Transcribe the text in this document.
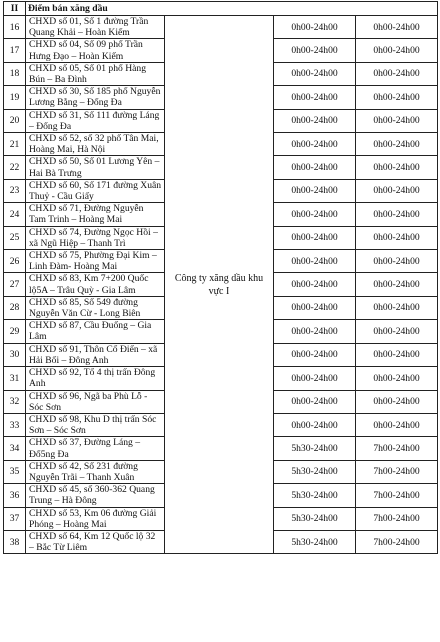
II	Điểm bán xăng dầu			
16	CHXD số 01, Số 1 đường Trần Quang Khải – Hoàn Kiếm	Công ty xăng dầu khu vực I	0h00-24h00	0h00-24h00
17	CHXD số 04, Số 09 phố Trần Hưng Đạo – Hoàn Kiếm		0h00-24h00	0h00-24h00
18	CHXD số 05, Số 01 phố Hàng Bún – Ba Đình		0h00-24h00	0h00-24h00
19	CHXD số 30, Số 185 phố Nguyễn Lương Bằng – Đống Đa		0h00-24h00	0h00-24h00
20	CHXD số 31, Số 111 đường Láng – Đống Đa		0h00-24h00	0h00-24h00
21	CHXD số 52, số 32 phố Tân Mai, Hoàng Mai, Hà Nội		0h00-24h00	0h00-24h00
22	CHXD số 50, Số 01 Lương Yên – Hai Bà Trưng		0h00-24h00	0h00-24h00
23	CHXD số 60, Số 171 đường Xuân Thuỷ - Cầu Giấy		0h00-24h00	0h00-24h00
24	CHXD số 71, Đường Nguyễn Tam Trinh – Hoàng Mai		0h00-24h00	0h00-24h00
25	CHXD số 74, Đường Ngọc Hồi – xã Ngũ Hiệp – Thanh Trì		0h00-24h00	0h00-24h00
26	CHXD số 75, Phường Đại Kim – Linh Đàm- Hoàng Mai		0h00-24h00	0h00-24h00
27	CHXD số 83, Km 7+200 Quốc lộ5A – Trâu Quỳ - Gia Lâm		0h00-24h00	0h00-24h00
28	CHXD số 85, Số 549 đường Nguyễn Văn Cừ - Long Biên		0h00-24h00	0h00-24h00
29	CHXD số 87, Cầu Đuống – Gia Lâm		0h00-24h00	0h00-24h00
30	CHXD số 91, Thôn Cổ Điển – xã Hải Bối – Đông Anh		0h00-24h00	0h00-24h00
31	CHXD số 92, Tổ 4 thị trấn Đông Anh		0h00-24h00	0h00-24h00
32	CHXD số 96, Ngã ba Phù Lỗ - Sóc Sơn		0h00-24h00	0h00-24h00
33	CHXD số 98, Khu D thị trấn Sóc Sơn – Sóc Sơn		0h00-24h00	0h00-24h00
34	CHXD số 37, Đường Láng – Đố5ng Đa		5h30-24h00	7h00-24h00
35	CHXD số 42, Số 231 đường Nguyễn Trãi – Thanh Xuân		5h30-24h00	7h00-24h00
36	CHXD số 45, số 360-362 Quang Trung – Hà Đông		5h30-24h00	7h00-24h00
37	CHXD số 53, Km 06 đường Giải Phóng – Hoàng Mai		5h30-24h00	7h00-24h00
38	CHXD số 64, Km 12 Quốc lộ 32 – Bắc Từ Liêm		5h30-24h00	7h00-24h00
